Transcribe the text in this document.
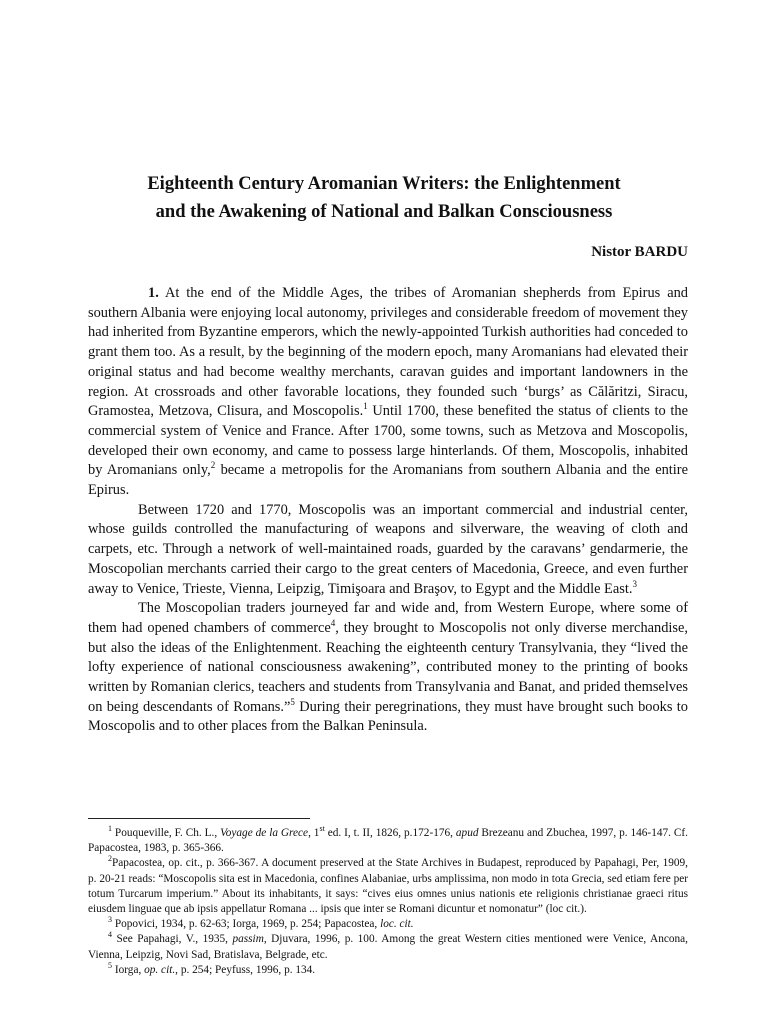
Eighteenth Century Aromanian Writers: the Enlightenment
and the Awakening of National and Balkan Consciousness

Nistor BARDU

1. At the end of the Middle Ages, the tribes of Aromanian shepherds from Epirus and southern Albania were enjoying local autonomy, privileges and considerable freedom of movement they had inherited from Byzantine emperors, which the newly-appointed Turkish authorities had conceded to grant them too. As a result, by the beginning of the modern epoch, many Aromanians had elevated their original status and had become wealthy merchants, caravan guides and important landowners in the region. At crossroads and other favorable locations, they founded such ‘burgs’ as Călăritzi, Siracu, Gramostea, Metzova, Clisura, and Moscopolis.$^1$ Until 1700, these benefited the status of clients to the commercial system of Venice and France. After 1700, some towns, such as Metzova and Moscopolis, developed their own economy, and came to possess large hinterlands. Of them, Moscopolis, inhabited by Aromanians only,$^2$ became a metropolis for the Aromanians from southern Albania and the entire Epirus.

Between 1720 and 1770, Moscopolis was an important commercial and industrial center, whose guilds controlled the manufacturing of weapons and silverware, the weaving of cloth and carpets, etc. Through a network of well-maintained roads, guarded by the caravans’ gendarmerie, the Moscopolian merchants carried their cargo to the great centers of Macedonia, Greece, and even further away to Venice, Trieste, Vienna, Leipzig, Timişoara and Braşov, to Egypt and the Middle East.$^3$

The Moscopolian traders journeyed far and wide and, from Western Europe, where some of them had opened chambers of commerce$^4$, they brought to Moscopolis not only diverse merchandise, but also the ideas of the Enlightenment. Reaching the eighteenth century Transylvania, they “lived the lofty experience of national consciousness awakening”, contributed money to the printing of books written by Romanian clerics, teachers and students from Transylvania and Banat, and prided themselves on being descendants of Romans.”$^5$ During their peregrinations, they must have brought such books to Moscopolis and to other places from the Balkan Peninsula.

$^1$ Pouqueville, F. Ch. L., Voyage de la Grece, 1st ed. I, t. II, 1826, p.172-176, apud Brezeanu and Zbuchea, 1997, p. 146-147. Cf. Papacostea, 1983, p. 365-366.

$^2$Papacostea, op. cit., p. 366-367. A document preserved at the State Archives in Budapest, reproduced by Papahagi, Per, 1909, p. 20-21 reads: “Moscopolis sita est in Macedonia, confines Alabaniae, urbs amplissima, non modo in tota Grecia, sed etiam fere per totum Turcarum imperium.” About its inhabitants, it says: “cives eius omnes unius nationis ete religionis christianae graeci ritus eiusdem linguae que ab ipsis appellatur Romana ... ipsis que inter se Romani dicuntur et nomonatur” (loc cit.).

$^3$ Popovici, 1934, p. 62-63; Iorga, 1969, p. 254; Papacostea, loc. cit.

$^4$ See Papahagi, V., 1935, passim, Djuvara, 1996, p. 100. Among the great Western cities mentioned were Venice, Ancona, Vienna, Leipzig, Novi Sad, Bratislava, Belgrade, etc.

$^5$ Iorga, op. cit., p. 254; Peyfuss, 1996, p. 134.
